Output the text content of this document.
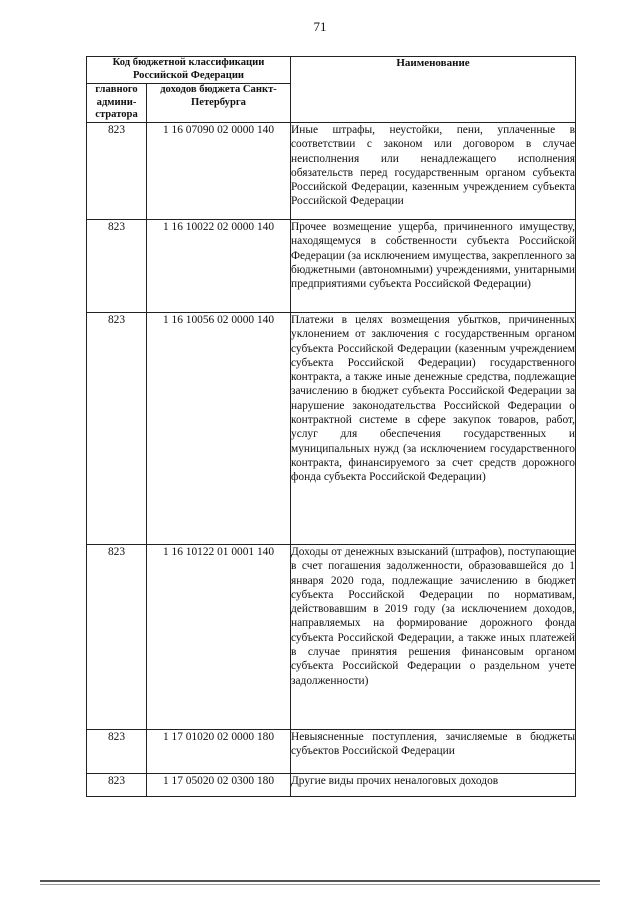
71
Код бюджетной классификации Российской Федерации		Наименование
главного админи-стратора	доходов бюджета Санкт-Петербурга	
823	1 16 07090 02 0000 140	Иные штрафы, неустойки, пени, уплаченные в соответствии с законом или договором в случае неисполнения или ненадлежащего исполнения обязательств перед государственным органом субъекта Российской Федерации, казенным учреждением субъекта Российской Федерации
823	1 16 10022 02 0000 140	Прочее возмещение ущерба, причиненного имуществу, находящемуся в собственности субъекта Российской Федерации (за исключением имущества, закрепленного за бюджетными (автономными) учреждениями, унитарными предприятиями субъекта Российской Федерации)
823	1 16 10056 02 0000 140	Платежи в целях возмещения убытков, причиненных уклонением от заключения с государственным органом субъекта Российской Федерации (казенным учреждением субъекта Российской Федерации) государственного контракта, а также иные денежные средства, подлежащие зачислению в бюджет субъекта Российской Федерации за нарушение законодательства Российской Федерации о контрактной системе в сфере закупок товаров, работ, услуг для обеспечения государственных и муниципальных нужд (за исключением государственного контракта, финансируемого за счет средств дорожного фонда субъекта Российской Федерации)
823	1 16 10122 01 0001 140	Доходы от денежных взысканий (штрафов), поступающие в счет погашения задолженности, образовавшейся до 1 января 2020 года, подлежащие зачислению в бюджет субъекта Российской Федерации по нормативам, действовавшим в 2019 году (за исключением доходов, направляемых на формирование дорожного фонда субъекта Российской Федерации, а также иных платежей в случае принятия решения финансовым органом субъекта Российской Федерации о раздельном учете задолженности)
823	1 17 01020 02 0000 180	Невыясненные поступления, зачисляемые в бюджеты субъектов Российской Федерации
823	1 17 05020 02 0300 180	Другие виды прочих неналоговых доходов
